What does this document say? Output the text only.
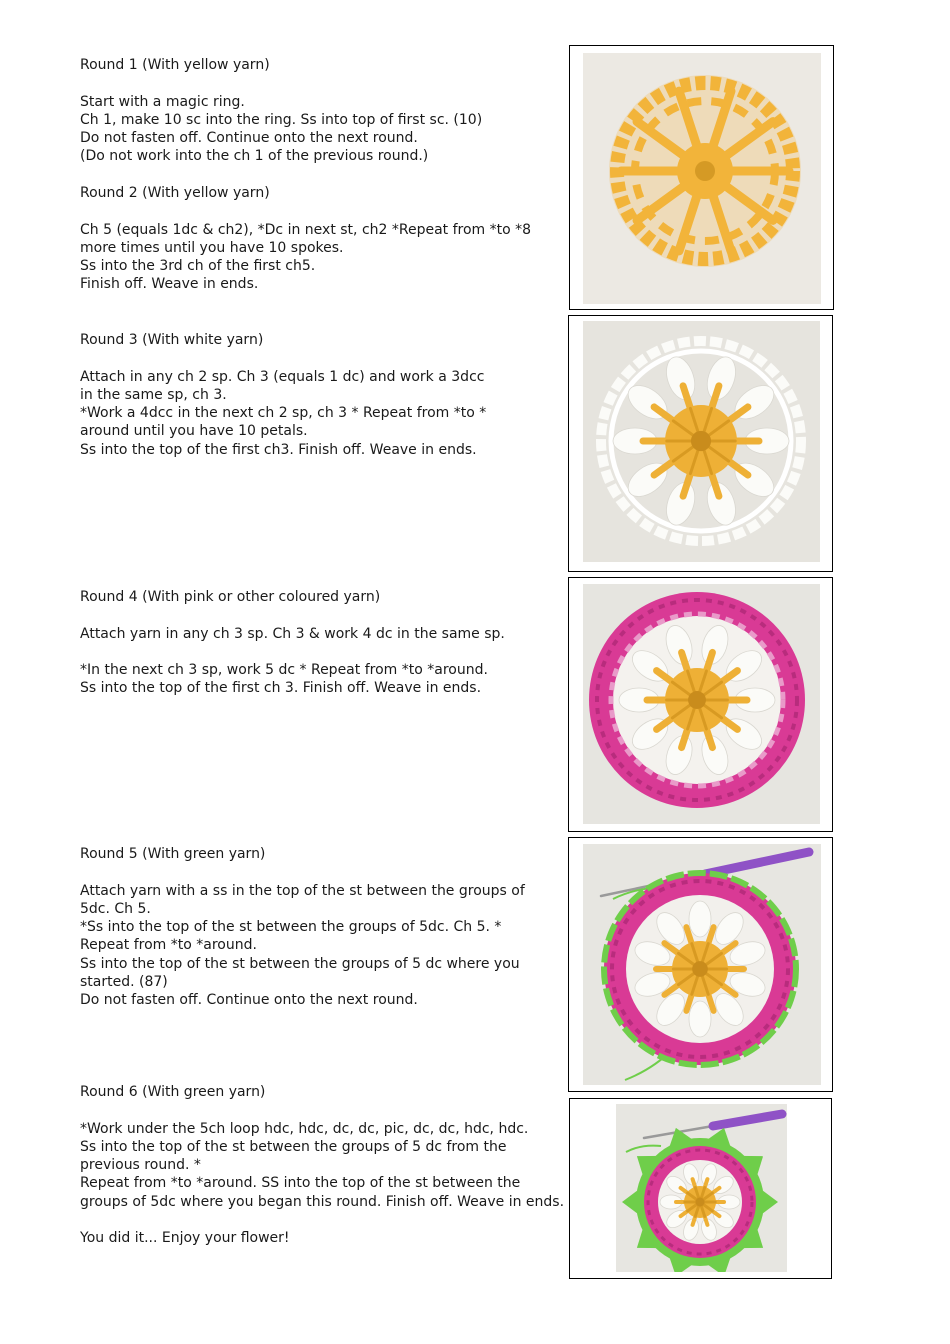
Round 1 (With yellow yarn)

Start with a magic ring.

Ch 1, make 10 sc into the ring. Ss into top of first sc. (10)

Do not fasten off. Continue onto the next round.

(Do not work into the ch 1 of the previous round.)

Round 2 (With yellow yarn)

Ch 5 (equals 1dc & ch2), *Dc in next st, ch2 *Repeat from *to *8

more times until you have 10 spokes.

Ss into the 3rd ch of the first ch5.

Finish off. Weave in ends.

Round 3 (With white yarn)

Attach in any ch 2 sp. Ch 3 (equals 1 dc) and work a 3dcc

in the same sp, ch 3.

*Work a 4dcc in the next ch 2 sp, ch 3 * Repeat from *to *

around until you have 10 petals.

Ss into the top of the first ch3. Finish off. Weave in ends.

Round 4 (With pink or other coloured yarn)

Attach yarn in any ch 3 sp. Ch 3 & work 4 dc in the same sp.

*In the next ch 3 sp, work 5 dc * Repeat from *to *around.

Ss into the top of the first ch 3. Finish off. Weave in ends.

Round 5 (With green yarn)

Attach yarn with a ss in the top of the st between the groups of

5dc. Ch 5.

*Ss into the top of the st between the groups of 5dc. Ch 5. *

Repeat from *to *around.

Ss into the top of the st between the groups of 5 dc where you

started. (87)

Do not fasten off. Continue onto the next round.

Round 6 (With green yarn)

*Work under the 5ch loop hdc, hdc, dc, dc, pic, dc, dc, hdc, hdc.

Ss into the top of the st between the groups of 5 dc from the

previous round. *

Repeat from *to *around. SS into the top of the st between the

groups of 5dc where you began this round. Finish off. Weave in ends.

You did it... Enjoy your flower!
